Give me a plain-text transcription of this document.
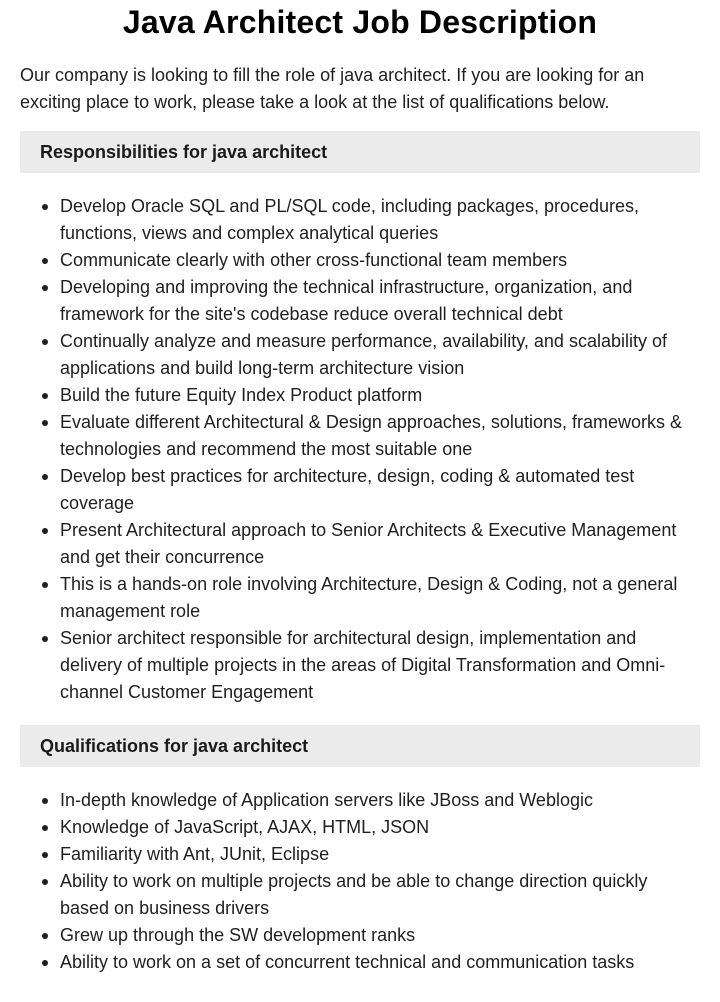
Java Architect Job Description

Our company is looking to fill the role of java architect. If you are looking for an exciting place to work, please take a look at the list of qualifications below.

Responsibilities for java architect
Develop Oracle SQL and PL/SQL code, including packages, procedures, functions, views and complex analytical queries
Communicate clearly with other cross-functional team members
Developing and improving the technical infrastructure, organization, and framework for the site's codebase reduce overall technical debt
Continually analyze and measure performance, availability, and scalability of applications and build long-term architecture vision
Build the future Equity Index Product platform
Evaluate different Architectural & Design approaches, solutions, frameworks & technologies and recommend the most suitable one
Develop best practices for architecture, design, coding & automated test coverage
Present Architectural approach to Senior Architects & Executive Management and get their concurrence
This is a hands-on role involving Architecture, Design & Coding, not a general management role
Senior architect responsible for architectural design, implementation and delivery of multiple projects in the areas of Digital Transformation and Omni-channel Customer Engagement
Qualifications for java architect
In-depth knowledge of Application servers like JBoss and Weblogic
Knowledge of JavaScript, AJAX, HTML, JSON
Familiarity with Ant, JUnit, Eclipse
Ability to work on multiple projects and be able to change direction quickly based on business drivers
Grew up through the SW development ranks
Ability to work on a set of concurrent technical and communication tasks
